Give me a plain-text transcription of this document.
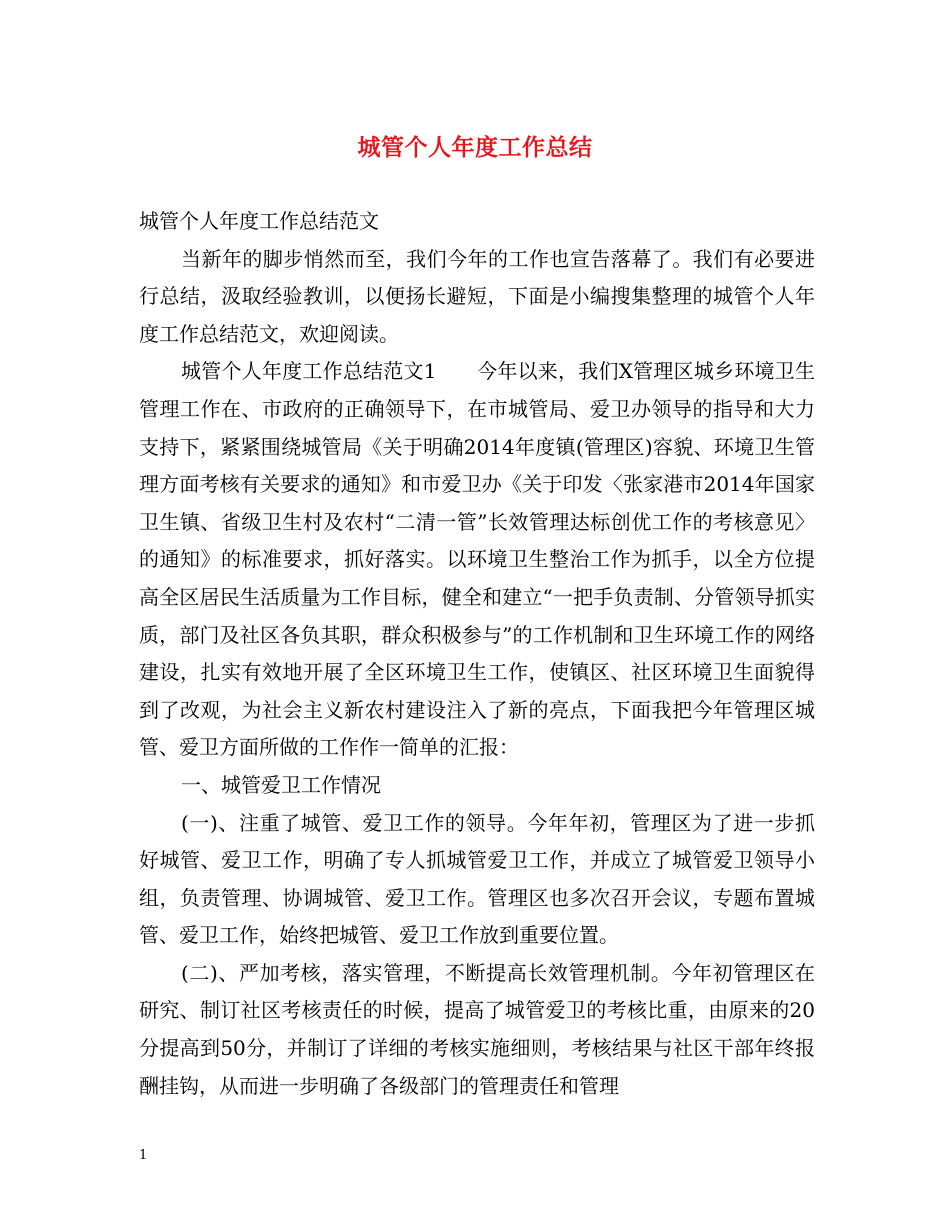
城管个人年度工作总结

城管个人年度工作总结范文

当新年的脚步悄然而至，我们今年的工作也宣告落幕了。我们有必要进行总结，汲取经验教训，以便扬长避短，下面是小编搜集整理的城管个人年度工作总结范文，欢迎阅读。

城管个人年度工作总结范文1　　今年以来，我们X管理区城乡环境卫生管理工作在、市政府的正确领导下，在市城管局、爱卫办领导的指导和大力支持下，紧紧围绕城管局《关于明确2014年度镇(管理区)容貌、环境卫生管理方面考核有关要求的通知》和市爱卫办《关于印发〈张家港市2014年国家卫生镇、省级卫生村及农村“二清一管”长效管理达标创优工作的考核意见〉的通知》的标准要求，抓好落实。以环境卫生整治工作为抓手，以全方位提高全区居民生活质量为工作目标，健全和建立“一把手负责制、分管领导抓实质，部门及社区各负其职，群众积极参与”的工作机制和卫生环境工作的网络建设，扎实有效地开展了全区环境卫生工作，使镇区、社区环境卫生面貌得到了改观，为社会主义新农村建设注入了新的亮点，下面我把今年管理区城管、爱卫方面所做的工作作一简单的汇报：

一、城管爱卫工作情况

(一)、注重了城管、爱卫工作的领导。今年年初，管理区为了进一步抓好城管、爱卫工作，明确了专人抓城管爱卫工作，并成立了城管爱卫领导小组，负责管理、协调城管、爱卫工作。管理区也多次召开会议，专题布置城管、爱卫工作，始终把城管、爱卫工作放到重要位置。

(二)、严加考核，落实管理，不断提高长效管理机制。今年初管理区在研究、制订社区考核责任的时候，提高了城管爱卫的考核比重，由原来的20分提高到50分，并制订了详细的考核实施细则，考核结果与社区干部年终报酬挂钩，从而进一步明确了各级部门的管理责任和管理

1
